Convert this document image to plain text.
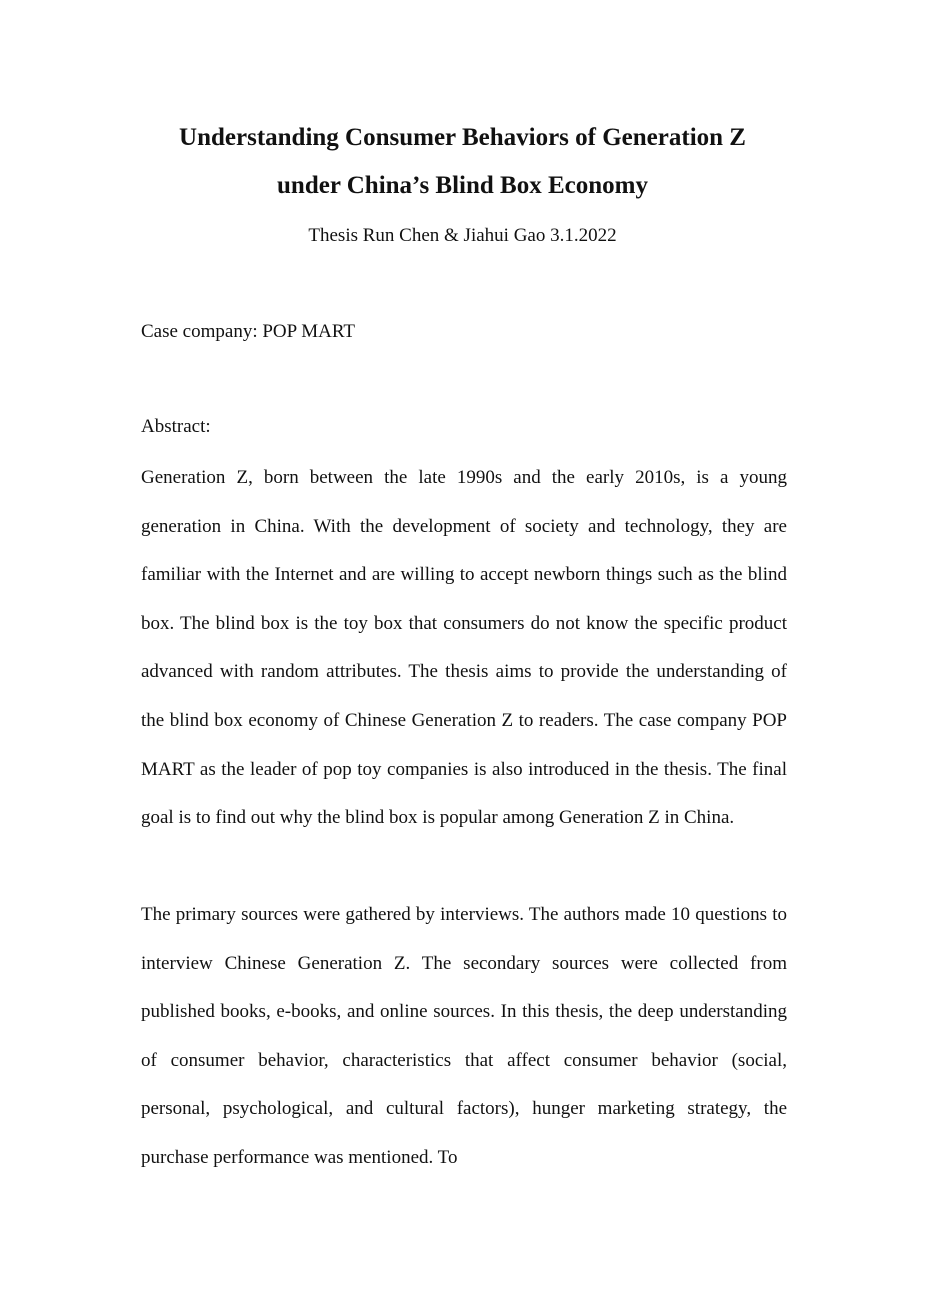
Understanding Consumer Behaviors of Generation Z
under China’s Blind Box Economy
Thesis Run Chen & Jiahui Gao 3.1.2022
Case company: POP MART
Abstract:

Generation Z, born between the late 1990s and the early 2010s, is a young generation in China. With the development of society and technology, they are familiar with the Internet and are willing to accept newborn things such as the blind box. The blind box is the toy box that consumers do not know the specific product advanced with random attributes. The thesis aims to provide the understanding of the blind box economy of Chinese Generation Z to readers. The case company POP MART as the leader of pop toy companies is also introduced in the thesis. The final goal is to find out why the blind box is popular among Generation Z in China.

The primary sources were gathered by interviews. The authors made 10 questions to interview Chinese Generation Z. The secondary sources were collected from published books, e-books, and online sources. In this thesis, the deep understanding of consumer behavior, characteristics that affect consumer behavior (social, personal, psychological, and cultural factors), hunger marketing strategy, the purchase performance was mentioned. To
